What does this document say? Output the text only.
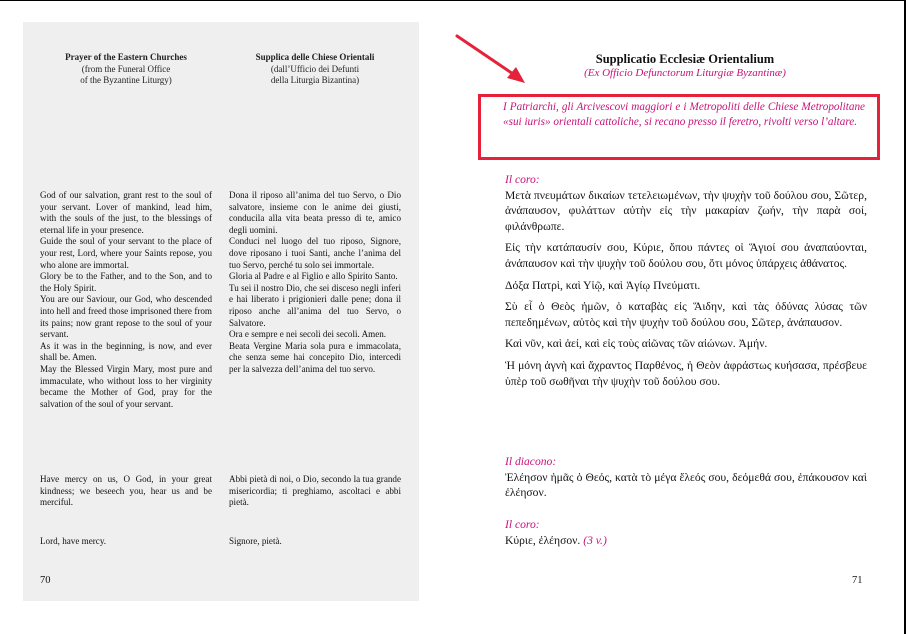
Prayer of the Eastern Churches
(from the Funeral Office
of the Byzantine Liturgy)
Supplica delle Chiese Orientali
(dall’Ufficio dei Defunti
della Liturgia Bizantina)

God of our salvation, grant rest to the soul of your servant. Lover of mankind, lead him, with the souls of the just, to the blessings of eternal life in your presence.

Guide the soul of your servant to the place of your rest, Lord, where your Saints repose, you who alone are immortal.

Glory be to the Father, and to the Son, and to the Holy Spirit.

You are our Saviour, our God, who descended into hell and freed those imprisoned there from its pains; now grant repose to the soul of your servant.

As it was in the beginning, is now, and ever shall be. Amen.

May the Blessed Virgin Mary, most pure and immaculate, who without loss to her virginity became the Mother of God, pray for the salvation of the soul of your servant.

Dona il riposo all’anima del tuo Servo, o Dio salvatore, insieme con le anime dei giusti, conducila alla vita beata presso di te, amico degli uomini.

Conduci nel luogo del tuo riposo, Signore, dove riposano i tuoi Santi, anche l’anima del tuo Servo, perché tu solo sei immortale.

Gloria al Padre e al Figlio e allo Spirito Santo.

Tu sei il nostro Dio, che sei disceso negli inferi e hai liberato i prigionieri dalle pene; dona il riposo anche all’anima del tuo Servo, o Salvatore.

Ora e sempre e nei secoli dei secoli. Amen.

Beata Vergine Maria sola pura e immacolata, che senza seme hai concepito Dio, intercedi per la salvezza dell’anima del tuo servo.

Have mercy on us, O God, in your great kindness; we beseech you, hear us and be merciful.
Abbi pietà di noi, o Dio, secondo la tua grande misericordia; ti preghiamo, ascoltaci e abbi pietà.
Lord, have mercy.	Signore, pietà.
70
Supplicatio Ecclesiæ Orientalium
(Ex Officio Defunctorum Liturgiæ Byzantinæ)
I Patriarchi, gli Arcivescovi maggiori e i Metropoliti delle Chiese Metropolitane «sui iuris» orientali cattoliche, si recano presso il feretro, rivolti verso l’altare.
Il coro:

Μετὰ πνευμάτων δικαίων τετελειωμένων, τὴν ψυχὴν τοῦ δούλου σου, Σῶτερ, ἀνάπαυσον, φυλάττων αὐτὴν εἰς τὴν μακαρίαν ζωήν, τὴν παρὰ σοί, φιλάνθρωπε.

Εἰς τὴν κατάπαυσίν σου, Κύριε, ὅπου πάντες οἱ Ἅγιοί σου ἀναπαύονται, ἀνάπαυσον καὶ τὴν ψυχὴν τοῦ δούλου σου, ὅτι μόνος ὑπάρχεις ἀθάνατος.

Δόξα Πατρὶ, καὶ Υἱῷ, καὶ Ἁγίῳ Πνεύματι.

Σὺ εἶ ὁ Θεὸς ἡμῶν, ὁ καταβὰς εἰς Ἅιδην, καὶ τὰς ὀδύνας λύσας τῶν πεπεδημένων, αὐτὸς καὶ τὴν ψυχὴν τοῦ δούλου σου, Σῶτερ, ἀνάπαυσον.

Καὶ νῦν, καὶ ἀεί, καὶ εἰς τοὺς αἰῶνας τῶν αἰώνων. Ἀμήν.

Ἡ μόνη ἁγνὴ καὶ ἄχραντος Παρθένος, ἡ Θεὸν ἀφράστως κυήσασα, πρέσβευε ὑπὲρ τοῦ σωθῆναι τὴν ψυχὴν τοῦ δούλου σου.

Il diacono:

Ἐλέησον ἡμᾶς ὁ Θεός, κατὰ τὸ μέγα ἔλεός σου, δεόμεθά σου, ἐπάκουσον καὶ ἐλέησον.

Il coro:

Κύριε, ἐλέησον. (3 v.)

71
